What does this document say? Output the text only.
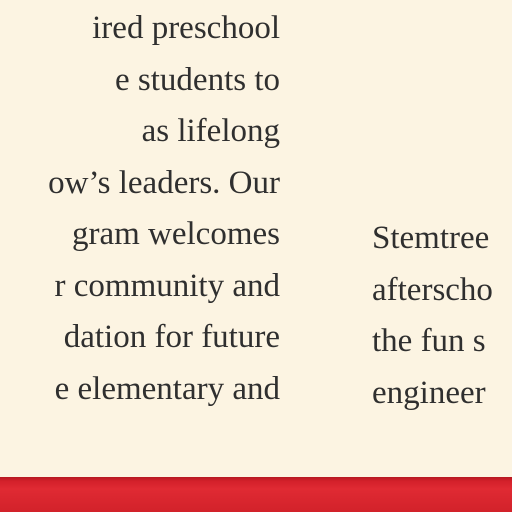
ired preschool
e students to
as lifelong
ow’s leaders. Our
gram welcomes
r community and
dation for future
e elementary and
Stemtree
afterscho
the fun s
engineer
